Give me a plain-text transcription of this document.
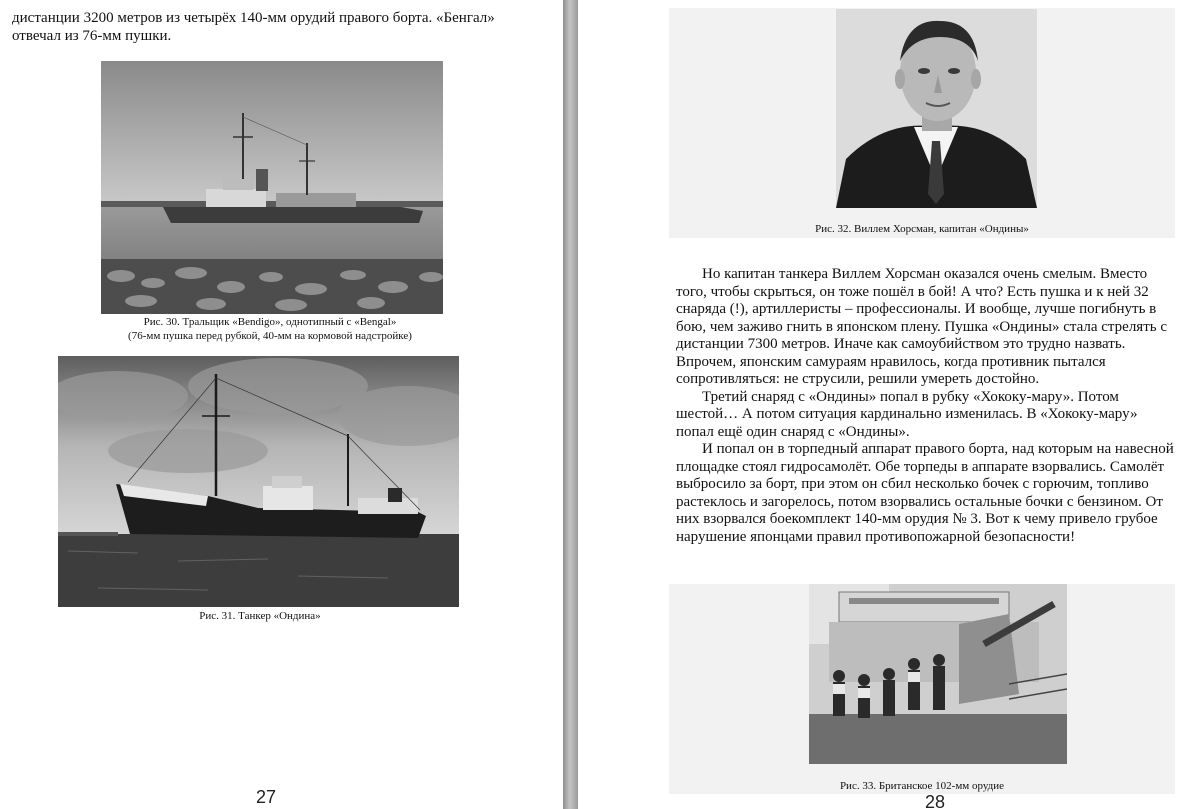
дистанции 3200 метров из четырёх 140-мм орудий правого борта. «Бенгал» отвечал из 76-мм пушки.

Рис. 30. Тральщик «Bendigo», однотипный с «Bengal»
(76-мм пушка перед рубкой, 40-мм на кормовой надстройке)
Рис. 31. Танкер «Ондина»
27
Рис. 32. Виллем Хорсман, капитан «Ондины»

Но капитан танкера Виллем Хорсман оказался очень смелым. Вместо того, чтобы скрыться, он тоже пошёл в бой! А что? Есть пушка и к ней 32 снаряда (!), артиллеристы – профессионалы. И вообще, лучше погибнуть в бою, чем заживо гнить в японском плену. Пушка «Ондины» стала стрелять с дистанции 7300 метров. Иначе как самоубийством это трудно назвать. Впрочем, японским самураям нравилось, когда противник пытался сопротивляться: не струсили, решили умереть достойно.

Третий снаряд с «Ондины» попал в рубку «Хококу-мару». Потом шестой… А потом ситуация кардинально изменилась. В «Хококу-мару» попал ещё один снаряд с «Ондины».

И попал он в торпедный аппарат правого борта, над которым на навесной площадке стоял гидросамолёт. Обе торпеды в аппарате взорвались. Самолёт выбросило за борт, при этом он сбил несколько бочек с горючим, топливо растеклось и загорелось, потом взорвались остальные бочки с бензином. От них взорвался боекомплект 140-мм орудия № 3. Вот к чему привело грубое нарушение японцами правил противопожарной безопасности!

Рис. 33. Британское 102-мм орудие
28
